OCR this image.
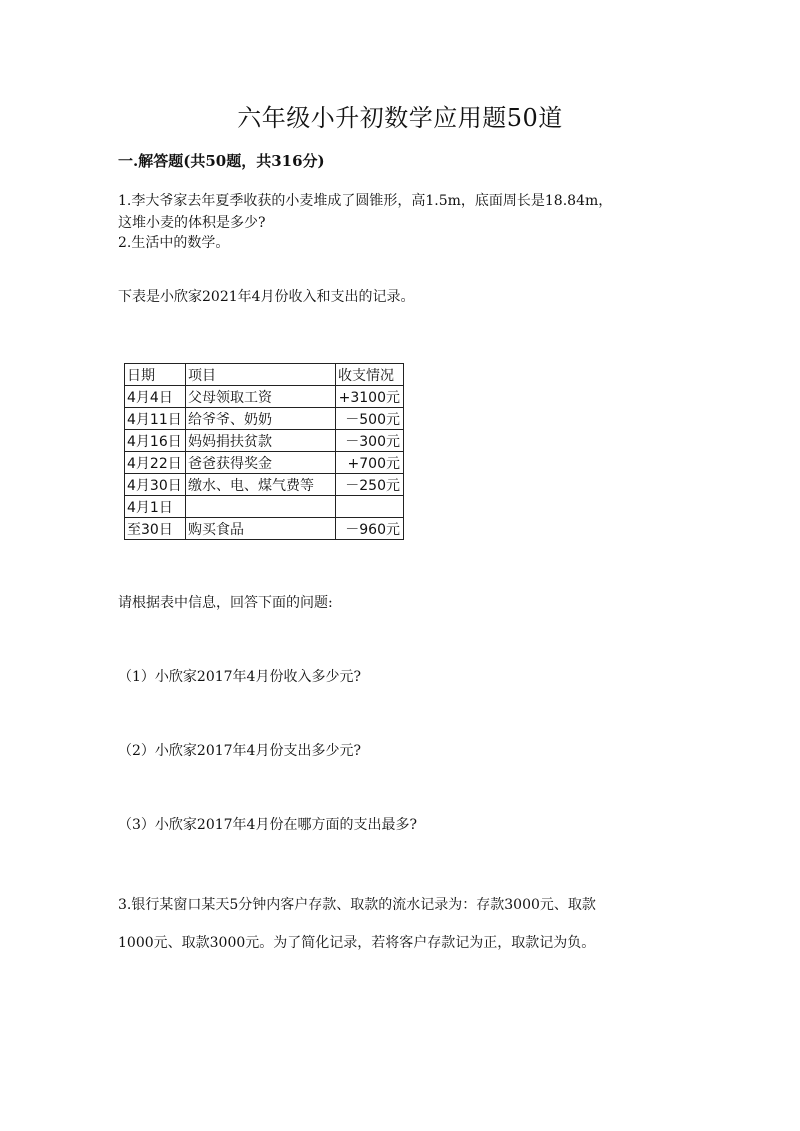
六年级小升初数学应用题50道
一.解答题(共50题，共316分)
1.李大爷家去年夏季收获的小麦堆成了圆锥形，高1.5m，底面周长是18.84m，
这堆小麦的体积是多少?
2.生活中的数学。
下表是小欣家2021年4月份收入和支出的记录。
日期	项目	收支情况
4月4日	父母领取工资	+3100元
4月11日	给爷爷、奶奶	－500元
4月16日	妈妈捐扶贫款	－300元
4月22日	爸爸获得奖金	+700元
4月30日	缴水、电、煤气费等	－250元
4月1日		
至30日	购买食品	－960元
请根据表中信息，回答下面的问题:
（1）小欣家2017年4月份收入多少元?
（2）小欣家2017年4月份支出多少元?
（3）小欣家2017年4月份在哪方面的支出最多?
3.银行某窗口某天5分钟内客户存款、取款的流水记录为：存款3000元、取款
1000元、取款3000元。为了简化记录，若将客户存款记为正，取款记为负。
